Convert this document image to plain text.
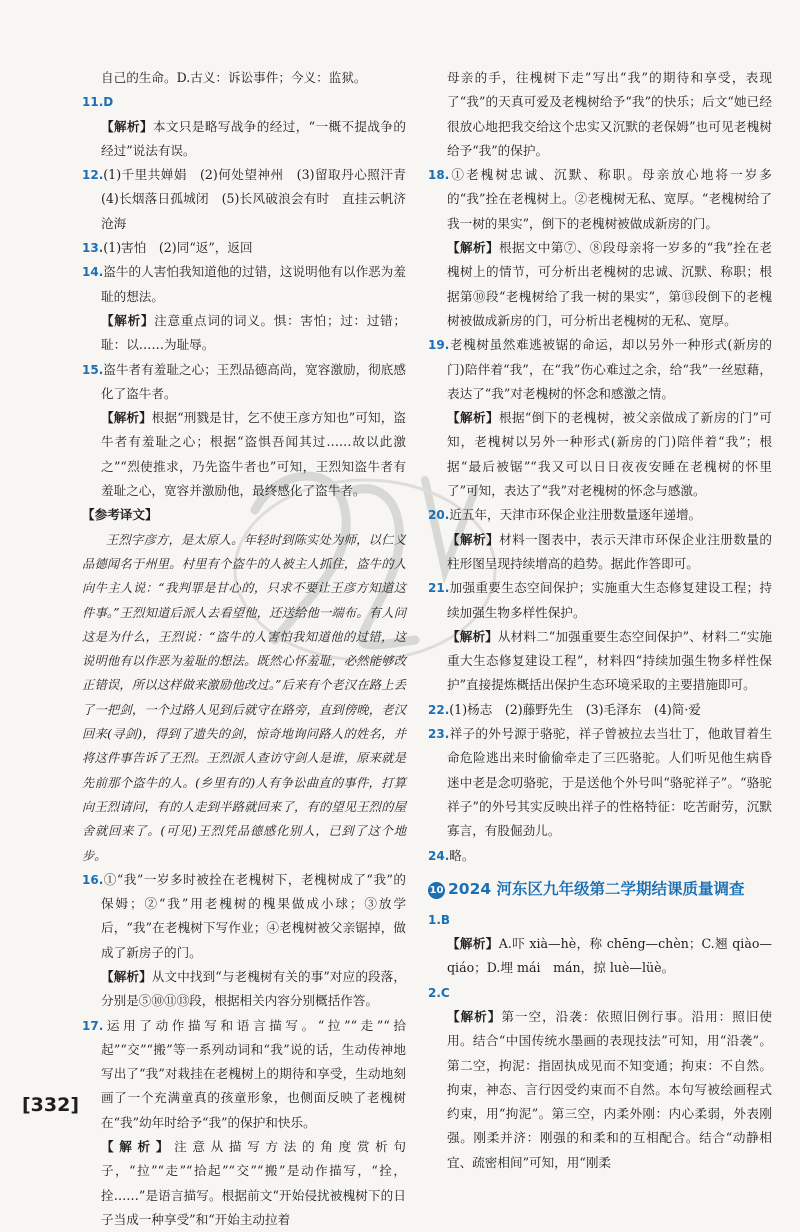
自己的生命。D.古义：诉讼事件；今义：监狱。

11.D

【解析】本文只是略写战争的经过，“一概不提战争的经过”说法有误。

12.(1)千里共婵娟　(2)何处望神州　(3)留取丹心照汗青　(4)长烟落日孤城闭　(5)长风破浪会有时　直挂云帆济沧海

13.(1)害怕　(2)同“返”，返回

14.盗牛的人害怕我知道他的过错，这说明他有以作恶为羞耻的想法。

【解析】注意重点词的词义。惧：害怕；过：过错；耻：以……为耻辱。

15.盗牛者有羞耻之心；王烈品德高尚，宽容激励，彻底感化了盗牛者。

【解析】根据“刑戮是甘，乞不使王彦方知也”可知，盗牛者有羞耻之心；根据“盗惧吾闻其过……故以此激之”“烈使推求，乃先盗牛者也”可知，王烈知盗牛者有羞耻之心，宽容并激励他，最终感化了盗牛者。

【参考译文】

王烈字彦方，是太原人。年轻时到陈实处为师，以仁义品德闻名于州里。村里有个盗牛的人被主人抓住，盗牛的人向牛主人说：“我判罪是甘心的，只求不要让王彦方知道这件事。”王烈知道后派人去看望他，还送给他一端布。有人问这是为什么，王烈说：“盗牛的人害怕我知道他的过错，这说明他有以作恶为羞耻的想法。既然心怀羞耻，必然能够改正错误，所以这样做来激励他改过。”后来有个老汉在路上丢了一把剑，一个过路人见到后就守在路旁，直到傍晚，老汉回来(寻剑)，得到了遗失的剑，惊奇地询问路人的姓名，并将这件事告诉了王烈。王烈派人查访守剑人是谁，原来就是先前那个盗牛的人。(乡里有的)人有争讼曲直的事件，打算向王烈请问，有的人走到半路就回来了，有的望见王烈的屋舍就回来了。(可见)王烈凭品德感化别人，已到了这个地步。

16.①“我”一岁多时被拴在老槐树下，老槐树成了“我”的保姆；②“我”用老槐树的槐果做成小球；③放学后，“我”在老槐树下写作业；④老槐树被父亲锯掉，做成了新房子的门。

【解析】从文中找到“与老槐树有关的事”对应的段落，分别是⑤⑩⑪⑬段，根据相关内容分别概括作答。

17.运用了动作描写和语言描写。“拉”“走”“拾起”“交”“搬”等一系列动词和“我”说的话，生动传神地写出了“我”对栽挂在老槐树上的期待和享受，生动地刻画了一个充满童真的孩童形象，也侧面反映了老槐树在“我”幼年时给予“我”的保护和快乐。

【解析】注意从描写方法的角度赏析句子，“拉”“走”“拾起”“交”“搬”是动作描写，“拴，拴……”是语言描写。根据前文“开始侵扰被槐树下的日子当成一种享受”和“开始主动拉着

母亲的手，往槐树下走”写出“我”的期待和享受，表现了“我”的天真可爱及老槐树给予“我”的快乐；后文“她已经很放心地把我交给这个忠实又沉默的老保姆”也可见老槐树给予“我”的保护。

18.①老槐树忠诚、沉默、称职。母亲放心地将一岁多的“我”拴在老槐树上。②老槐树无私、宽厚。“老槐树给了我一树的果实”，倒下的老槐树被做成新房的门。

【解析】根据文中第⑦、⑧段母亲将一岁多的“我”拴在老槐树上的情节，可分析出老槐树的忠诚、沉默、称职；根据第⑩段“老槐树给了我一树的果实”，第⑬段倒下的老槐树被做成新房的门，可分析出老槐树的无私、宽厚。

19.老槐树虽然难逃被锯的命运，却以另外一种形式(新房的门)陪伴着“我”，在“我”伤心难过之余，给“我”一丝慰藉，表达了“我”对老槐树的怀念和感激之情。

【解析】根据“倒下的老槐树，被父亲做成了新房的门”可知，老槐树以另外一种形式(新房的门)陪伴着“我”；根据“最后被锯”“我又可以日日夜夜安睡在老槐树的怀里了”可知，表达了“我”对老槐树的怀念与感激。

20.近五年，天津市环保企业注册数量逐年递增。

【解析】材料一图表中，表示天津市环保企业注册数量的柱形图呈现持续增高的趋势。据此作答即可。

21.加强重要生态空间保护；实施重大生态修复建设工程；持续加强生物多样性保护。

【解析】从材料二“加强重要生态空间保护”、材料二“实施重大生态修复建设工程”，材料四“持续加强生物多样性保护”直接提炼概括出保护生态环境采取的主要措施即可。

22.(1)杨志　(2)藤野先生　(3)毛泽东　(4)简·爱

23.祥子的外号源于骆驼，祥子曾被拉去当壮丁，他敢冒着生命危险逃出来时偷偷牵走了三匹骆驼。人们听见他生病昏迷中老是念叨骆驼，于是送他个外号叫“骆驼祥子”。“骆驼祥子”的外号其实反映出祥子的性格特征：吃苦耐劳，沉默寡言，有股倔劲儿。

24.略。

10 2024 河东区九年级第二学期结课质量调查

1.B

【解析】A.吓 xià—hè，称 chēng—chèn；C.翘 qiào—qiáo；D.埋 mái　mán，掠 luè—lüè。

2.C

【解析】第一空，沿袭：依照旧例行事。沿用：照旧使用。结合“中国传统水墨画的表现技法”可知，用“沿袭”。第二空，拘泥：指固执成见而不知变通；拘束：不自然。拘束，神态、言行因受约束而不自然。本句写被绘画程式约束，用“拘泥”。第三空，内柔外刚：内心柔弱，外表刚强。刚柔并济：刚强的和柔和的互相配合。结合“动静相宜、疏密相间”可知，用“刚柔

[332]
